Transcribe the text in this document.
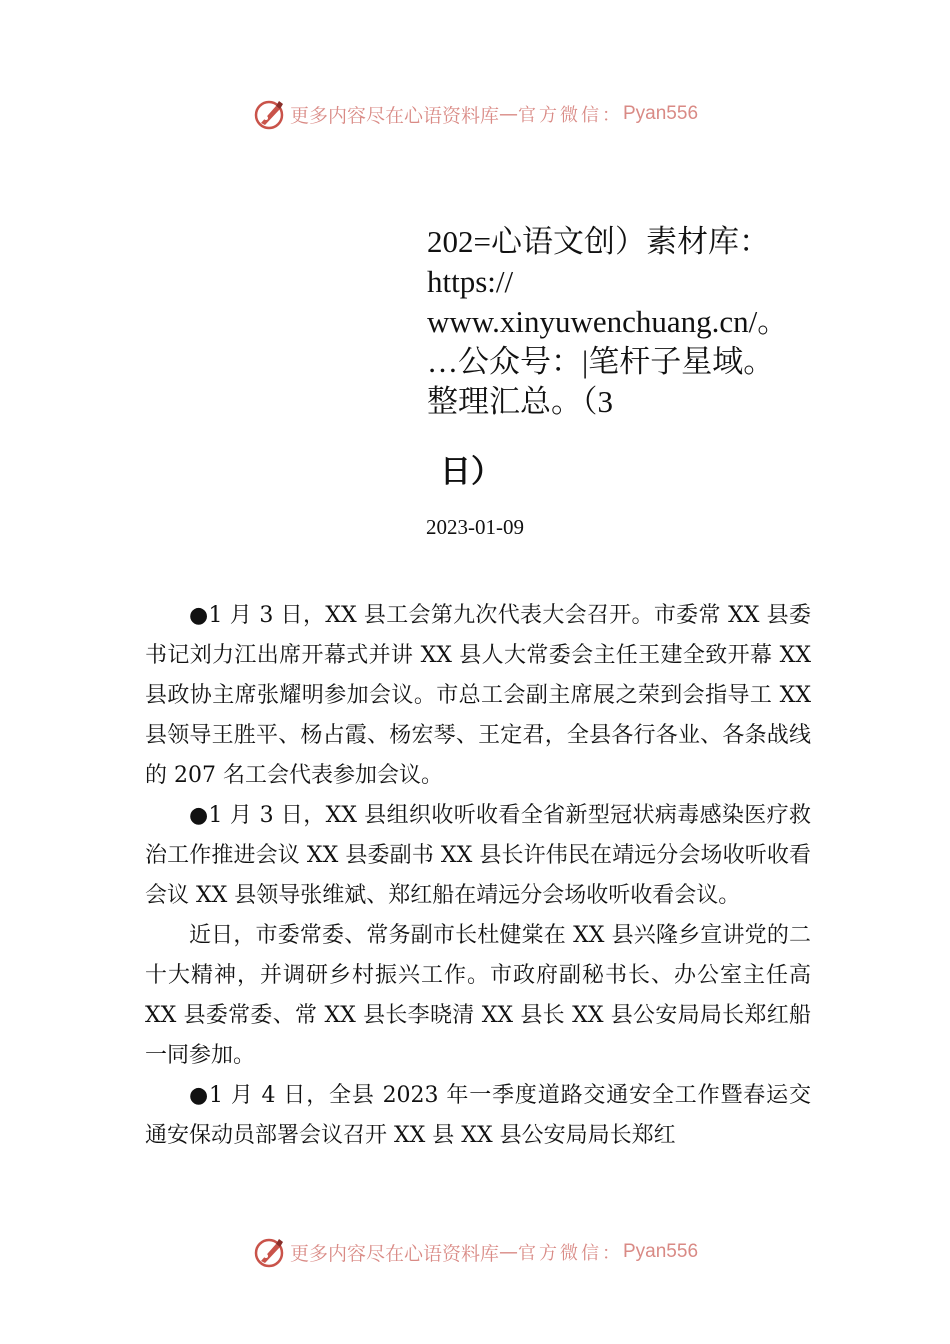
更多内容尽在心语资料库 — 官方微信： Pyan556
202=心语文创）素材库：
https://
www.xinyuwenchuang.cn/。
…公众号：|笔杆子星域。
整理汇总。（3
日）
2023-01-09

●1 月 3 日，XX 县工会第九次代表大会召开。市委常 XX 县委书记刘力江出席开幕式并讲 XX 县人大常委会主任王建全致开幕 XX 县政协主席张耀明参加会议。市总工会副主席展之荣到会指导工 XX 县领导王胜平、杨占霞、杨宏琴、王定君，全县各行各业、各条战线的 207 名工会代表参加会议。

●1 月 3 日，XX 县组织收听收看全省新型冠状病毒感染医疗救治工作推进会议 XX 县委副书 XX 县长许伟民在靖远分会场收听收看会议 XX 县领导张维斌、郑红船在靖远分会场收听收看会议。

近日，市委常委、常务副市长杜健棠在 XX 县兴隆乡宣讲党的二十大精神，并调研乡村振兴工作。市政府副秘书长、办公室主任高 XX 县委常委、常 XX 县长李晓清 XX 县长 XX 县公安局局长郑红船一同参加。

●1 月 4 日，全县 2023 年一季度道路交通安全工作暨春运交通安保动员部署会议召开 XX 县 XX 县公安局局长郑红

更多内容尽在心语资料库 — 官方微信： Pyan556
